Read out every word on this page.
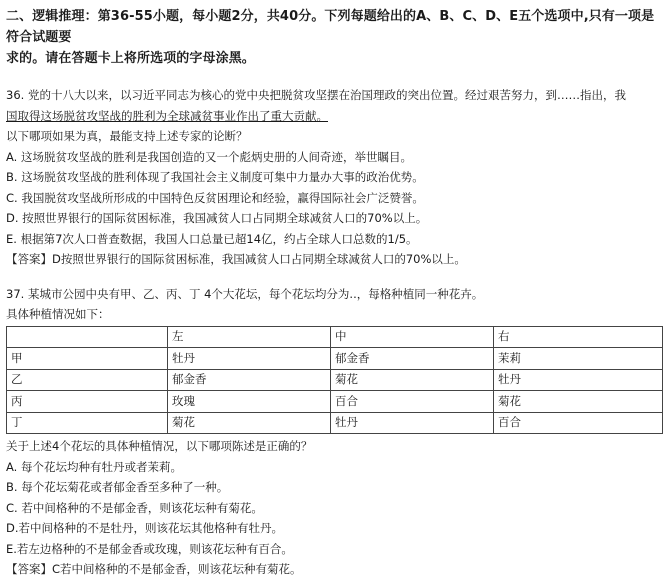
二、逻辑推理：第36-55小题，每小题2分，共40分。下列每题给出的A、B、C、D、E五个选项中,只有一项是符合试题要

求的。请在答题卡上将所选项的字母涂黑。

36. 党的十八大以来，以习近平同志为核心的党中央把脱贫攻坚摆在治国理政的突出位置。经过艰苦努力，到……指出，我

国取得这场脱贫攻坚战的胜利为全球减贫事业作出了重大贡献。

以下哪项如果为真，最能支持上述专家的论断？

A. 这场脱贫攻坚战的胜利是我国创造的又一个彪炳史册的人间奇迹，举世瞩目。

B. 这场脱贫攻坚战的胜利体现了我国社会主义制度可集中力量办大事的政治优势。

C. 我国脱贫攻坚战所形成的中国特色反贫困理论和经验，赢得国际社会广泛赞誉。

D. 按照世界银行的国际贫困标准，我国减贫人口占同期全球减贫人口的70%以上。

E. 根据第7次人口普查数据，我国人口总量已超14亿，约占全球人口总数的1/5。

【答案】D按照世界银行的国际贫困标准，我国减贫人口占同期全球减贫人口的70%以上。

37. 某城市公园中央有甲、乙、丙、丁 4个大花坛，每个花坛均分为..，每格种植同一种花卉。

具体种植情况如下：

	左	中	右
甲	牡丹	郁金香	茉莉
乙	郁金香	菊花	牡丹
丙	玫瑰	百合	菊花
丁	菊花	牡丹	百合

关于上述4个花坛的具体种植情况，以下哪项陈述是正确的？

A. 每个花坛均种有牡丹或者茉莉。

B. 每个花坛菊花或者郁金香至多种了一种。

C. 若中间格种的不是郁金香，则该花坛种有菊花。

D.若中间格种的不是牡丹，则该花坛其他格种有牡丹。

E.若左边格种的不是郁金香或玫瑰，则该花坛种有百合。

【答案】C若中间格种的不是郁金香，则该花坛种有菊花。
